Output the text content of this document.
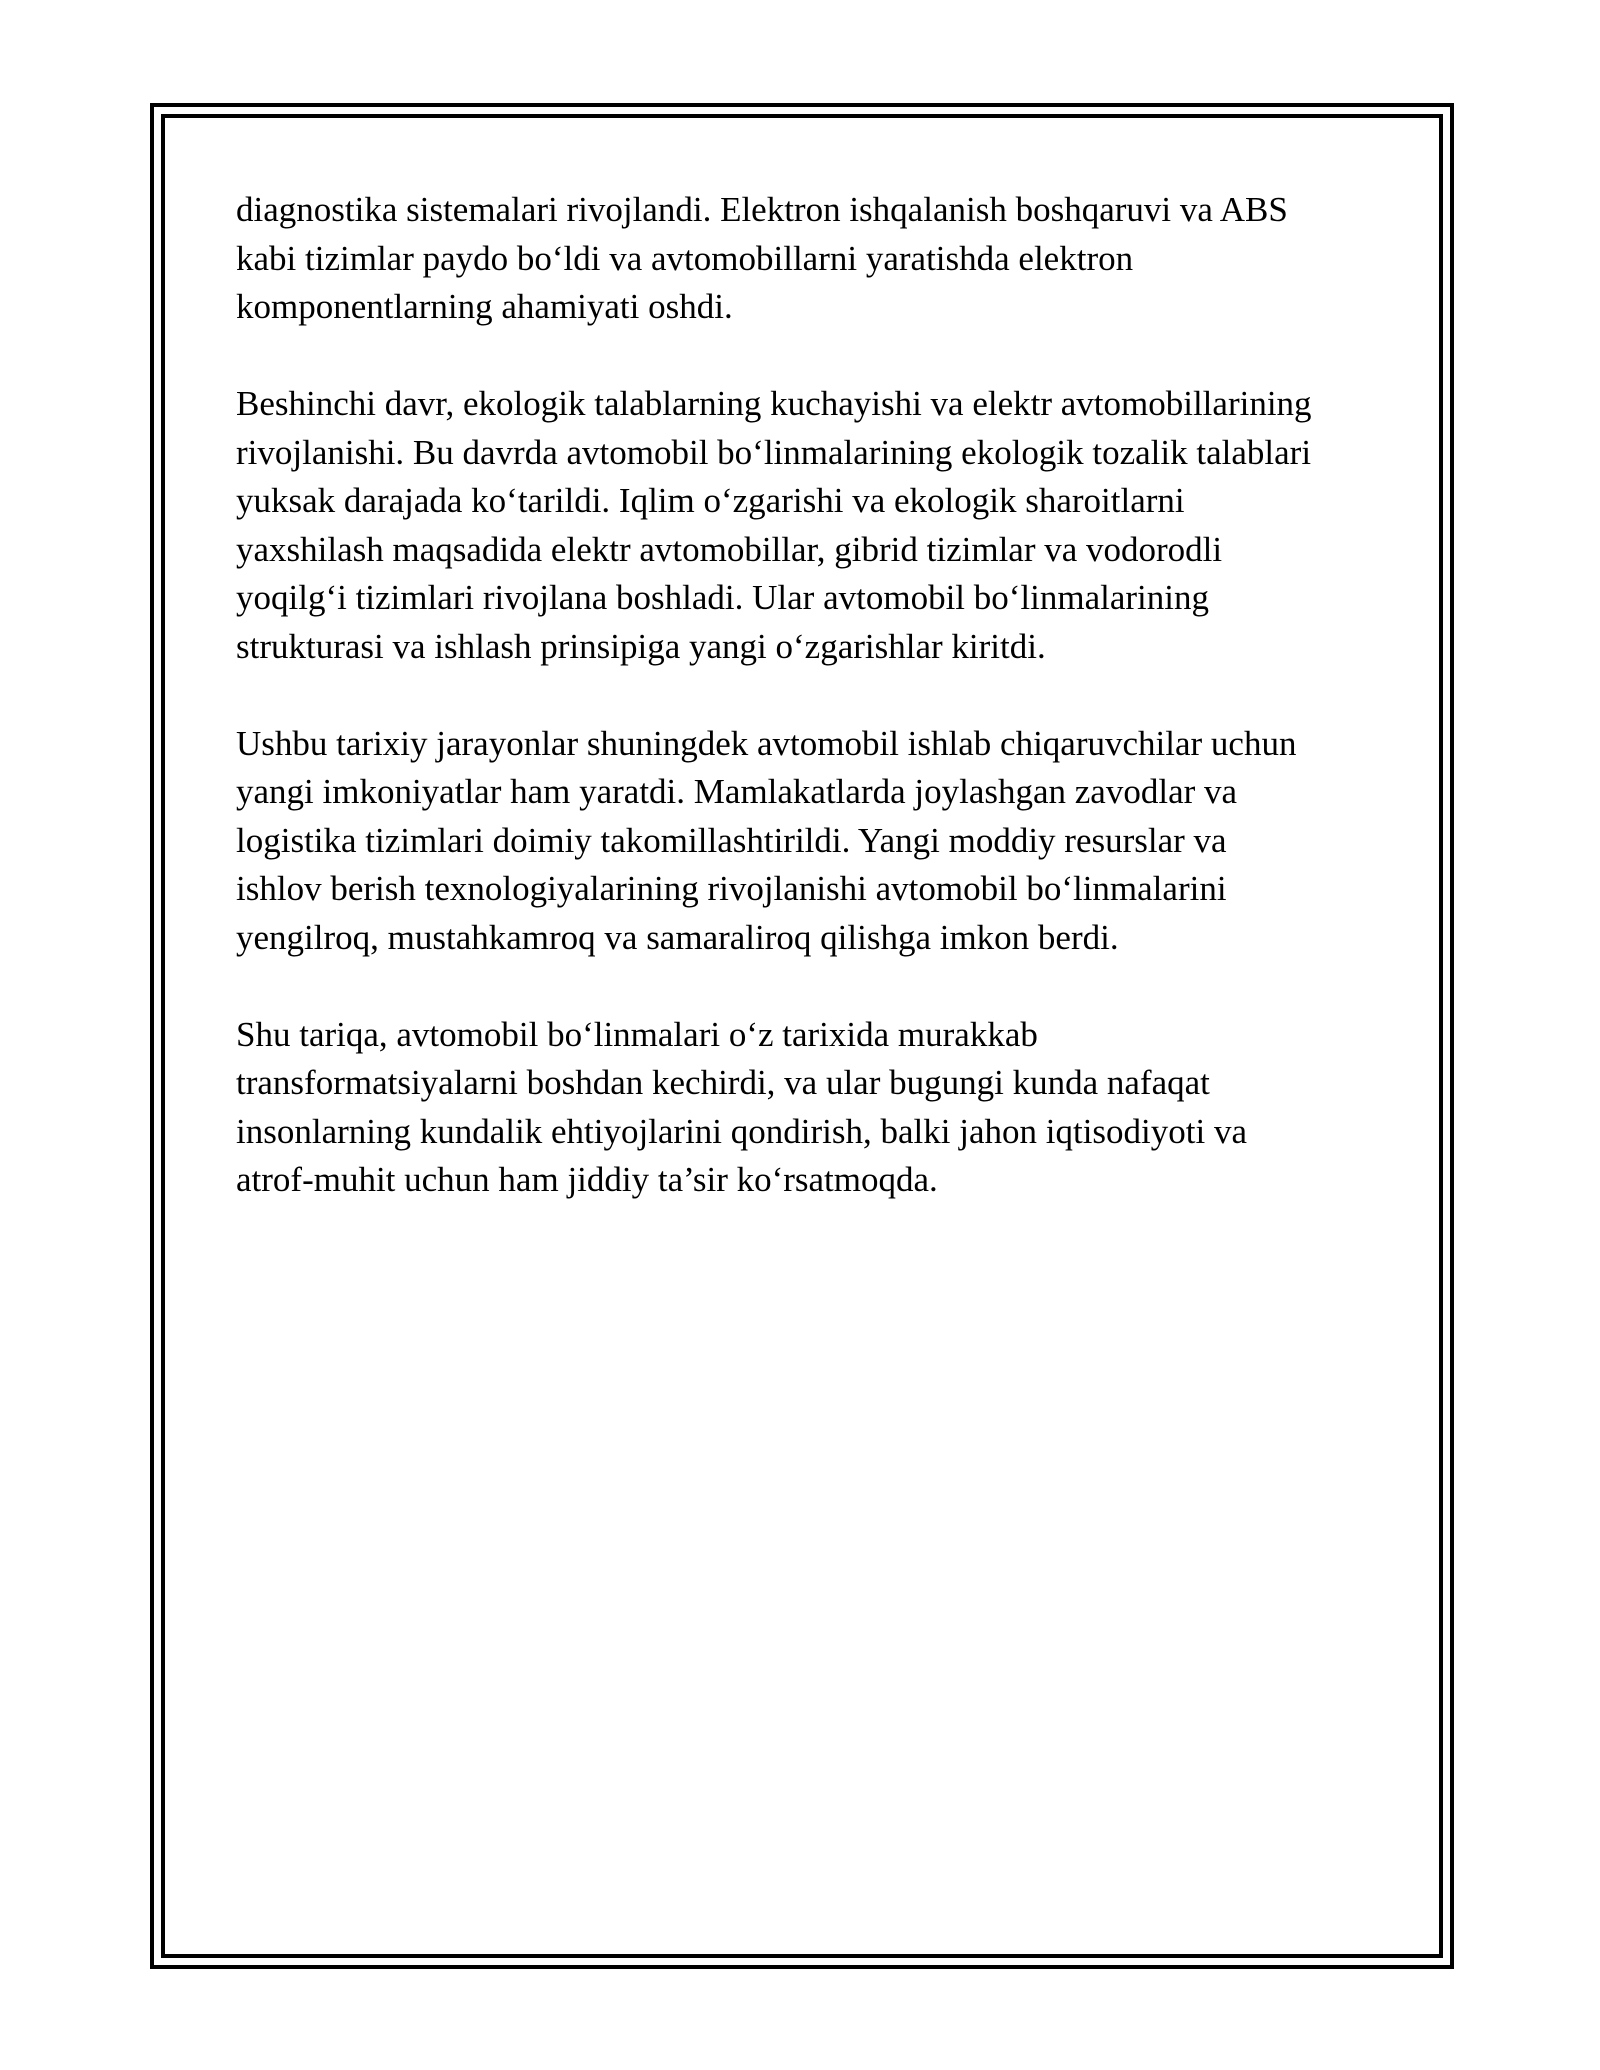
diagnostika sistemalari rivojlandi. Elektron ishqalanish boshqaruvi va ABS
kabi tizimlar paydo bo‘ldi va avtomobillarni yaratishda elektron
komponentlarning ahamiyati oshdi.

Beshinchi davr, ekologik talablarning kuchayishi va elektr avtomobillarining
rivojlanishi. Bu davrda avtomobil bo‘linmalarining ekologik tozalik talablari
yuksak darajada ko‘tarildi. Iqlim o‘zgarishi va ekologik sharoitlarni
yaxshilash maqsadida elektr avtomobillar, gibrid tizimlar va vodorodli
yoqilg‘i tizimlari rivojlana boshladi. Ular avtomobil bo‘linmalarining
strukturasi va ishlash prinsipiga yangi o‘zgarishlar kiritdi.

Ushbu tarixiy jarayonlar shuningdek avtomobil ishlab chiqaruvchilar uchun
yangi imkoniyatlar ham yaratdi. Mamlakatlarda joylashgan zavodlar va
logistika tizimlari doimiy takomillashtirildi. Yangi moddiy resurslar va
ishlov berish texnologiyalarining rivojlanishi avtomobil bo‘linmalarini
yengilroq, mustahkamroq va samaraliroq qilishga imkon berdi.

Shu tariqa, avtomobil bo‘linmalari o‘z tarixida murakkab
transformatsiyalarni boshdan kechirdi, va ular bugungi kunda nafaqat
insonlarning kundalik ehtiyojlarini qondirish, balki jahon iqtisodiyoti va
atrof-muhit uchun ham jiddiy ta’sir ko‘rsatmoqda.
